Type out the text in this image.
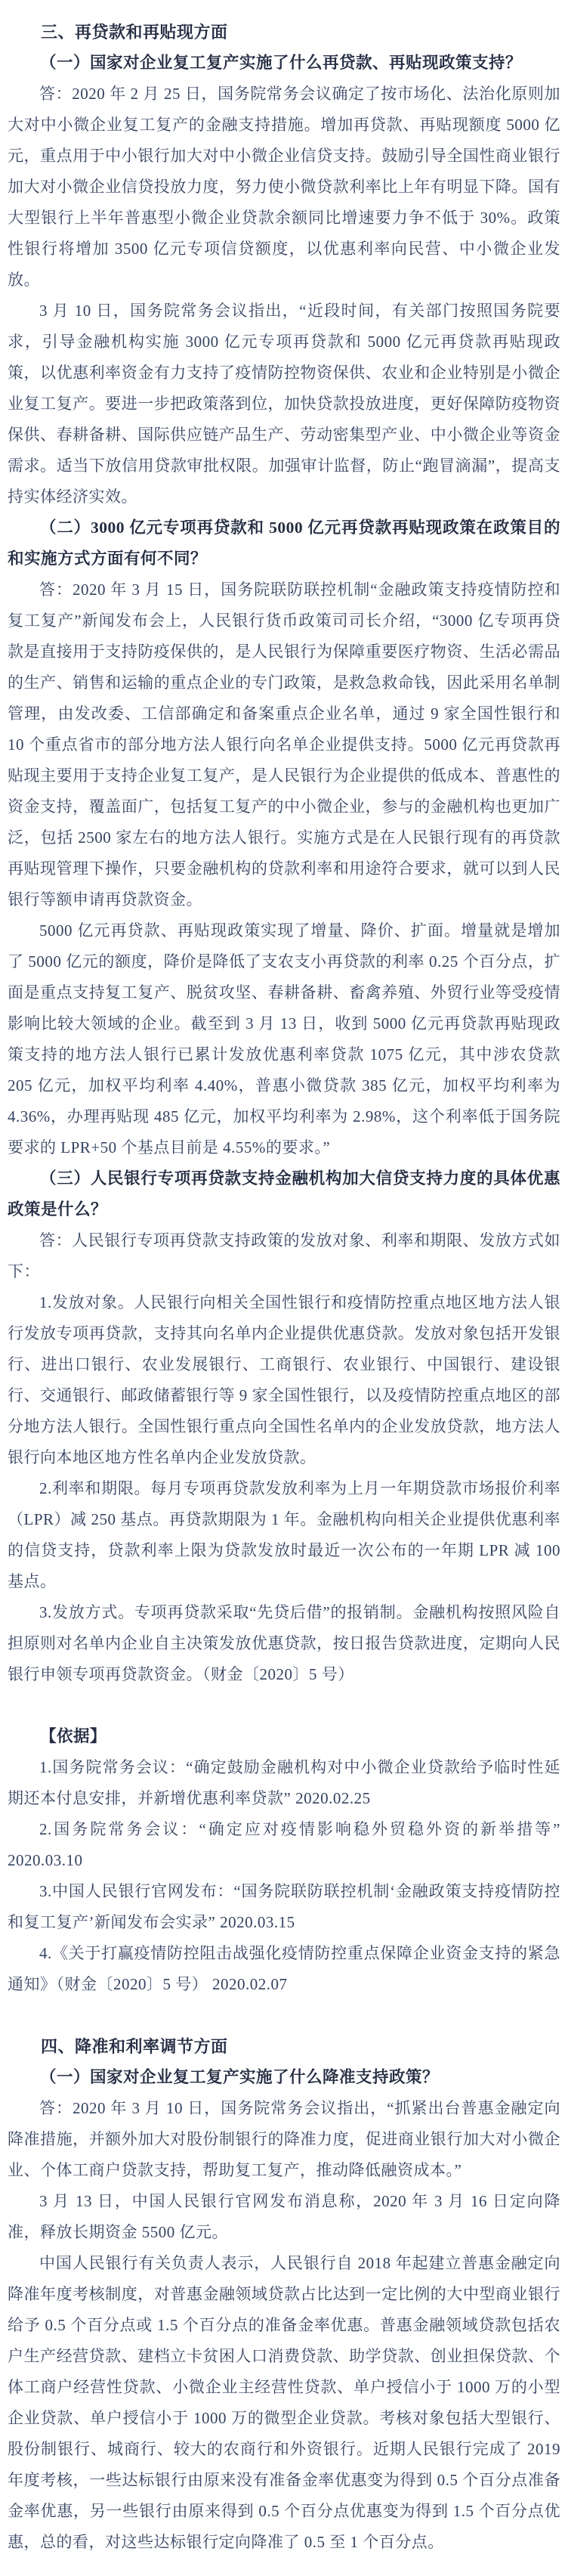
三、再贷款和再贴现方面
（一）国家对企业复工复产实施了什么再贷款、再贴现政策支持？

答：2020 年 2 月 25 日，国务院常务会议确定了按市场化、法治化原则加大对中小微企业复工复产的金融支持措施。增加再贷款、再贴现额度 5000 亿元，重点用于中小银行加大对中小微企业信贷支持。鼓励引导全国性商业银行加大对小微企业信贷投放力度，努力使小微贷款利率比上年有明显下降。国有大型银行上半年普惠型小微企业贷款余额同比增速要力争不低于 30%。政策性银行将增加 3500 亿元专项信贷额度，以优惠利率向民营、中小微企业发放。

3 月 10 日，国务院常务会议指出，“近段时间，有关部门按照国务院要求，引导金融机构实施 3000 亿元专项再贷款和 5000 亿元再贷款再贴现政策，以优惠利率资金有力支持了疫情防控物资保供、农业和企业特别是小微企业复工复产。要进一步把政策落到位，加快贷款投放进度，更好保障防疫物资保供、春耕备耕、国际供应链产品生产、劳动密集型产业、中小微企业等资金需求。适当下放信用贷款审批权限。加强审计监督，防止“跑冒滴漏”，提高支持实体经济实效。

（二）3000 亿元专项再贷款和 5000 亿元再贷款再贴现政策在政策目的和实施方式方面有何不同？

答：2020 年 3 月 15 日，国务院联防联控机制“金融政策支持疫情防控和复工复产”新闻发布会上，人民银行货币政策司司长介绍，“3000 亿专项再贷款是直接用于支持防疫保供的，是人民银行为保障重要医疗物资、生活必需品的生产、销售和运输的重点企业的专门政策，是救急救命钱，因此采用名单制管理，由发改委、工信部确定和备案重点企业名单，通过 9 家全国性银行和 10 个重点省市的部分地方法人银行向名单企业提供支持。5000 亿元再贷款再贴现主要用于支持企业复工复产，是人民银行为企业提供的低成本、普惠性的资金支持，覆盖面广，包括复工复产的中小微企业，参与的金融机构也更加广泛，包括 2500 家左右的地方法人银行。实施方式是在人民银行现有的再贷款再贴现管理下操作，只要金融机构的贷款利率和用途符合要求，就可以到人民银行等额申请再贷款资金。

5000 亿元再贷款、再贴现政策实现了增量、降价、扩面。增量就是增加了 5000 亿元的额度，降价是降低了支农支小再贷款的利率 0.25 个百分点，扩面是重点支持复工复产、脱贫攻坚、春耕备耕、畜禽养殖、外贸行业等受疫情影响比较大领域的企业。截至到 3 月 13 日，收到 5000 亿元再贷款再贴现政策支持的地方法人银行已累计发放优惠利率贷款 1075 亿元，其中涉农贷款 205 亿元，加权平均利率 4.40%，普惠小微贷款 385 亿元，加权平均利率为 4.36%，办理再贴现 485 亿元，加权平均利率为 2.98%，这个利率低于国务院要求的 LPR+50 个基点目前是 4.55%的要求。”

（三）人民银行专项再贷款支持金融机构加大信贷支持力度的具体优惠政策是什么？

答：人民银行专项再贷款支持政策的发放对象、利率和期限、发放方式如下：

1.发放对象。人民银行向相关全国性银行和疫情防控重点地区地方法人银行发放专项再贷款，支持其向名单内企业提供优惠贷款。发放对象包括开发银行、进出口银行、农业发展银行、工商银行、农业银行、中国银行、建设银行、交通银行、邮政储蓄银行等 9 家全国性银行，以及疫情防控重点地区的部分地方法人银行。全国性银行重点向全国性名单内的企业发放贷款，地方法人银行向本地区地方性名单内企业发放贷款。

2.利率和期限。每月专项再贷款发放利率为上月一年期贷款市场报价利率（LPR）减 250 基点。再贷款期限为 1 年。金融机构向相关企业提供优惠利率的信贷支持，贷款利率上限为贷款发放时最近一次公布的一年期 LPR 减 100 基点。

3.发放方式。专项再贷款采取“先贷后借”的报销制。金融机构按照风险自担原则对名单内企业自主决策发放优惠贷款，按日报告贷款进度，定期向人民银行申领专项再贷款资金。（财金〔2020〕5 号）

【依据】

1.国务院常务会议：“确定鼓励金融机构对中小微企业贷款给予临时性延期还本付息安排，并新增优惠利率贷款” 2020.02.25

2.国务院常务会议：“确定应对疫情影响稳外贸稳外资的新举措等” 2020.03.10

3.中国人民银行官网发布：“国务院联防联控机制‘金融政策支持疫情防控和复工复产’新闻发布会实录” 2020.03.15

4.《关于打赢疫情防控阻击战强化疫情防控重点保障企业资金支持的紧急通知》（财金〔2020〕5 号） 2020.02.07

四、降准和利率调节方面
（一）国家对企业复工复产实施了什么降准支持政策？

答：2020 年 3 月 10 日，国务院常务会议指出，“抓紧出台普惠金融定向降准措施，并额外加大对股份制银行的降准力度，促进商业银行加大对小微企业、个体工商户贷款支持，帮助复工复产，推动降低融资成本。”

3 月 13 日，中国人民银行官网发布消息称，2020 年 3 月 16 日定向降准，释放长期资金 5500 亿元。

中国人民银行有关负责人表示，人民银行自 2018 年起建立普惠金融定向降准年度考核制度，对普惠金融领域贷款占比达到一定比例的大中型商业银行给予 0.5 个百分点或 1.5 个百分点的准备金率优惠。普惠金融领域贷款包括农户生产经营贷款、建档立卡贫困人口消费贷款、助学贷款、创业担保贷款、个体工商户经营性贷款、小微企业主经营性贷款、单户授信小于 1000 万的小型企业贷款、单户授信小于 1000 万的微型企业贷款。考核对象包括大型银行、股份制银行、城商行、较大的农商行和外资银行。近期人民银行完成了 2019 年度考核，一些达标银行由原来没有准备金率优惠变为得到 0.5 个百分点准备金率优惠，另一些银行由原来得到 0.5 个百分点优惠变为得到 1.5 个百分点优惠，总的看，对这些达标银行定向降准了 0.5 至 1 个百分点。
